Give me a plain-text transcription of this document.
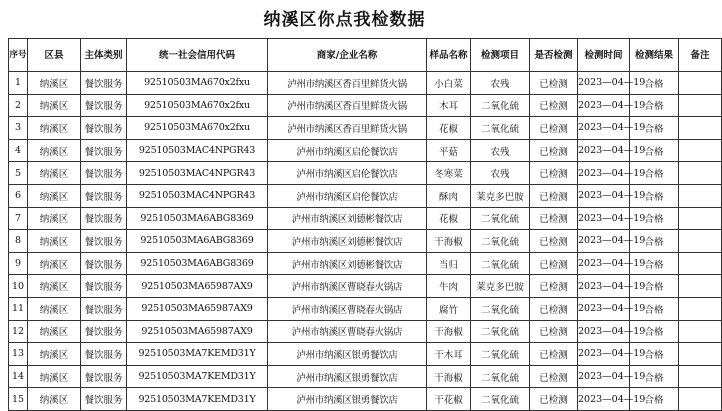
纳溪区你点我检数据
序号	区县	主体类别	统一社会信用代码	商家/企业名称	样品名称	检测项目	是否检测	检测时间	检测结果	备注
1	纳溪区	餐饮服务	92510503MA670x2fxu	泸州市纳溪区香百里鲜货火锅	小白菜	农残	已检测	2023—04—19	合格	
2	纳溪区	餐饮服务	92510503MA670x2fxu	泸州市纳溪区香百里鲜货火锅	木耳	二氧化硫	已检测	2023—04—19	合格	
3	纳溪区	餐饮服务	92510503MA670x2fxu	泸州市纳溪区香百里鲜货火锅	花椒	二氧化硫	已检测	2023—04—19	合格	
4	纳溪区	餐饮服务	92510503MAC4NPGR43	泸州市纳溪区启伦餐饮店	平菇	农残	已检测	2023—04—19	合格	
5	纳溪区	餐饮服务	92510503MAC4NPGR43	泸州市纳溪区启伦餐饮店	冬寒菜	农残	已检测	2023—04—19	合格	
6	纳溪区	餐饮服务	92510503MAC4NPGR43	泸州市纳溪区启伦餐饮店	酥肉	莱克多巴胺	已检测	2023—04—19	合格	
7	纳溪区	餐饮服务	92510503MA6ABG8369	泸州市纳溪区刘德彬餐饮店	花椒	二氧化硫	已检测	2023—04—19	合格	
8	纳溪区	餐饮服务	92510503MA6ABG8369	泸州市纳溪区刘德彬餐饮店	干海椒	二氧化硫	已检测	2023—04—19	合格	
9	纳溪区	餐饮服务	92510503MA6ABG8369	泸州市纳溪区刘德彬餐饮店	当归	二氧化硫	已检测	2023—04—19	合格	
10	纳溪区	餐饮服务	92510503MA65987AX9	泸州市纳溪区曹晓春火锅店	牛肉	莱克多巴胺	已检测	2023—04—19	合格	
11	纳溪区	餐饮服务	92510503MA65987AX9	泸州市纳溪区曹晓春火锅店	腐竹	二氧化硫	已检测	2023—04—19	合格	
12	纳溪区	餐饮服务	92510503MA65987AX9	泸州市纳溪区曹晓春火锅店	干海椒	二氧化硫	已检测	2023—04—19	合格	
13	纳溪区	餐饮服务	92510503MA7KEMD31Y	泸州市纳溪区银勇餐饮店	干木耳	二氧化硫	已检测	2023—04—19	合格	
14	纳溪区	餐饮服务	92510503MA7KEMD31Y	泸州市纳溪区银勇餐饮店	干海椒	二氧化硫	已检测	2023—04—19	合格	
15	纳溪区	餐饮服务	92510503MA7KEMD31Y	泸州市纳溪区银勇餐饮店	干花椒	二氧化硫	已检测	2023—04—19	合格	
